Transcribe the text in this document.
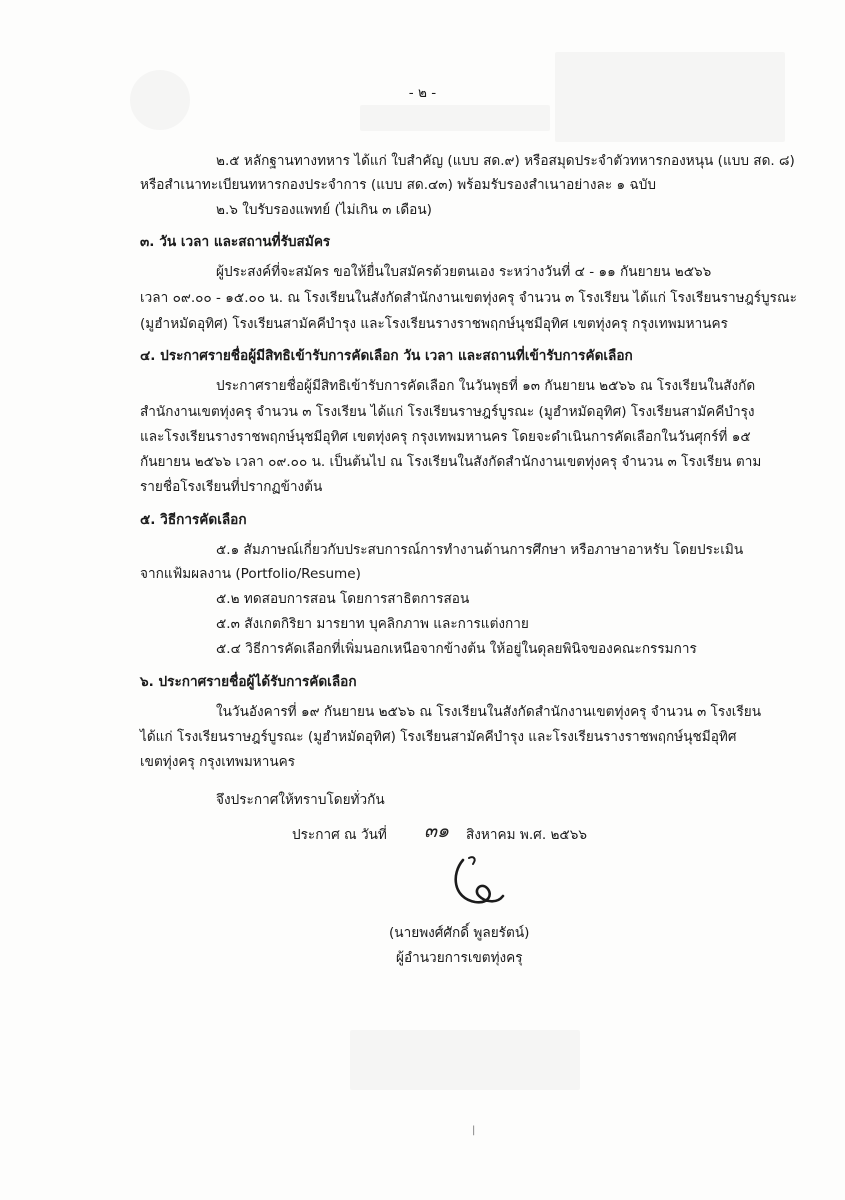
- ๒ -
๒.๕ หลักฐานทางทหาร ได้แก่ ใบสำคัญ (แบบ สด.๙) หรือสมุดประจำตัวทหารกองหนุน (แบบ สด. ๘)
หรือสำเนาทะเบียนทหารกองประจำการ (แบบ สด.๔๓) พร้อมรับรองสำเนาอย่างละ ๑ ฉบับ
๒.๖ ใบรับรองแพทย์ (ไม่เกิน ๓ เดือน)
๓. วัน เวลา และสถานที่รับสมัคร
ผู้ประสงค์ที่จะสมัคร ขอให้ยื่นใบสมัครด้วยตนเอง ระหว่างวันที่ ๔ - ๑๑ กันยายน ๒๕๖๖
เวลา ๐๙.๐๐ - ๑๕.๐๐ น. ณ โรงเรียนในสังกัดสำนักงานเขตทุ่งครุ จำนวน ๓ โรงเรียน ได้แก่ โรงเรียนราษฎร์บูรณะ
(มูฮำหมัดอุทิศ) โรงเรียนสามัคคีบำรุง และโรงเรียนรางราชพฤกษ์นุชมีอุทิศ เขตทุ่งครุ กรุงเทพมหานคร
๔. ประกาศรายชื่อผู้มีสิทธิเข้ารับการคัดเลือก วัน เวลา และสถานที่เข้ารับการคัดเลือก
ประกาศรายชื่อผู้มีสิทธิเข้ารับการคัดเลือก ในวันพุธที่ ๑๓ กันยายน ๒๕๖๖ ณ โรงเรียนในสังกัด
สำนักงานเขตทุ่งครุ จำนวน ๓ โรงเรียน ได้แก่ โรงเรียนราษฎร์บูรณะ (มูฮำหมัดอุทิศ) โรงเรียนสามัคคีบำรุง
และโรงเรียนรางราชพฤกษ์นุชมีอุทิศ เขตทุ่งครุ กรุงเทพมหานคร โดยจะดำเนินการคัดเลือกในวันศุกร์ที่ ๑๕
กันยายน ๒๕๖๖ เวลา ๐๙.๐๐ น. เป็นต้นไป ณ โรงเรียนในสังกัดสำนักงานเขตทุ่งครุ จำนวน ๓ โรงเรียน ตาม
รายชื่อโรงเรียนที่ปรากฏข้างต้น
๕. วิธีการคัดเลือก
๕.๑ สัมภาษณ์เกี่ยวกับประสบการณ์การทำงานด้านการศึกษา หรือภาษาอาหรับ โดยประเมิน
จากแฟ้มผลงาน (Portfolio/Resume)
๕.๒ ทดสอบการสอน โดยการสาธิตการสอน
๕.๓ สังเกตกิริยา มารยาท บุคลิกภาพ และการแต่งกาย
๕.๔ วิธีการคัดเลือกที่เพิ่มนอกเหนือจากข้างต้น ให้อยู่ในดุลยพินิจของคณะกรรมการ
๖. ประกาศรายชื่อผู้ได้รับการคัดเลือก
ในวันอังคารที่ ๑๙ กันยายน ๒๕๖๖ ณ โรงเรียนในสังกัดสำนักงานเขตทุ่งครุ จำนวน ๓ โรงเรียน
ได้แก่ โรงเรียนราษฎร์บูรณะ (มูฮำหมัดอุทิศ) โรงเรียนสามัคคีบำรุง และโรงเรียนรางราชพฤกษ์นุชมีอุทิศ
เขตทุ่งครุ กรุงเทพมหานคร
จึงประกาศให้ทราบโดยทั่วกัน
ประกาศ ณ วันที่ ๓๑ สิงหาคม พ.ศ. ๒๕๖๖
(นายพงศ์ศักดิ์ พูลยรัตน์)
ผู้อำนวยการเขตทุ่งครุ
|
